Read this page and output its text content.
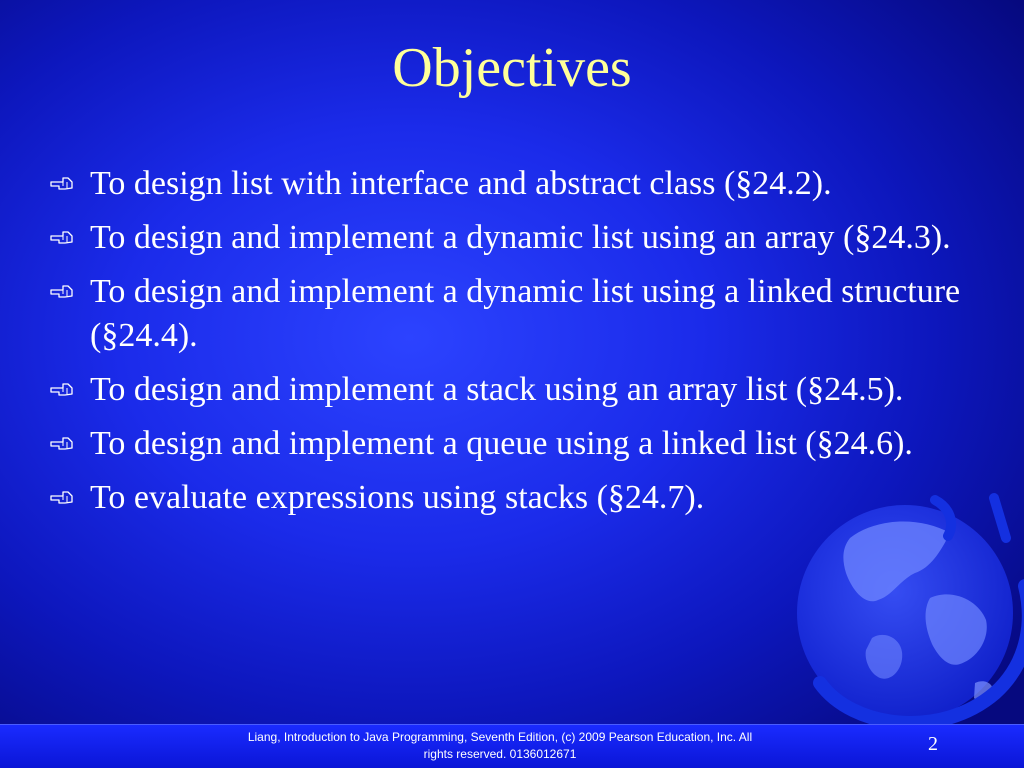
Objectives
To design list with interface and abstract class (§24.2).
To design and implement a dynamic list using an array (§24.3).
To design and implement a dynamic list using a linked structure (§24.4).
To design and implement a stack using an array list (§24.5).
To design and implement a queue using a linked list (§24.6).
To evaluate expressions using stacks (§24.7).
Liang, Introduction to Java Programming, Seventh Edition, (c) 2009 Pearson Education, Inc. All
rights reserved. 0136012671	2
